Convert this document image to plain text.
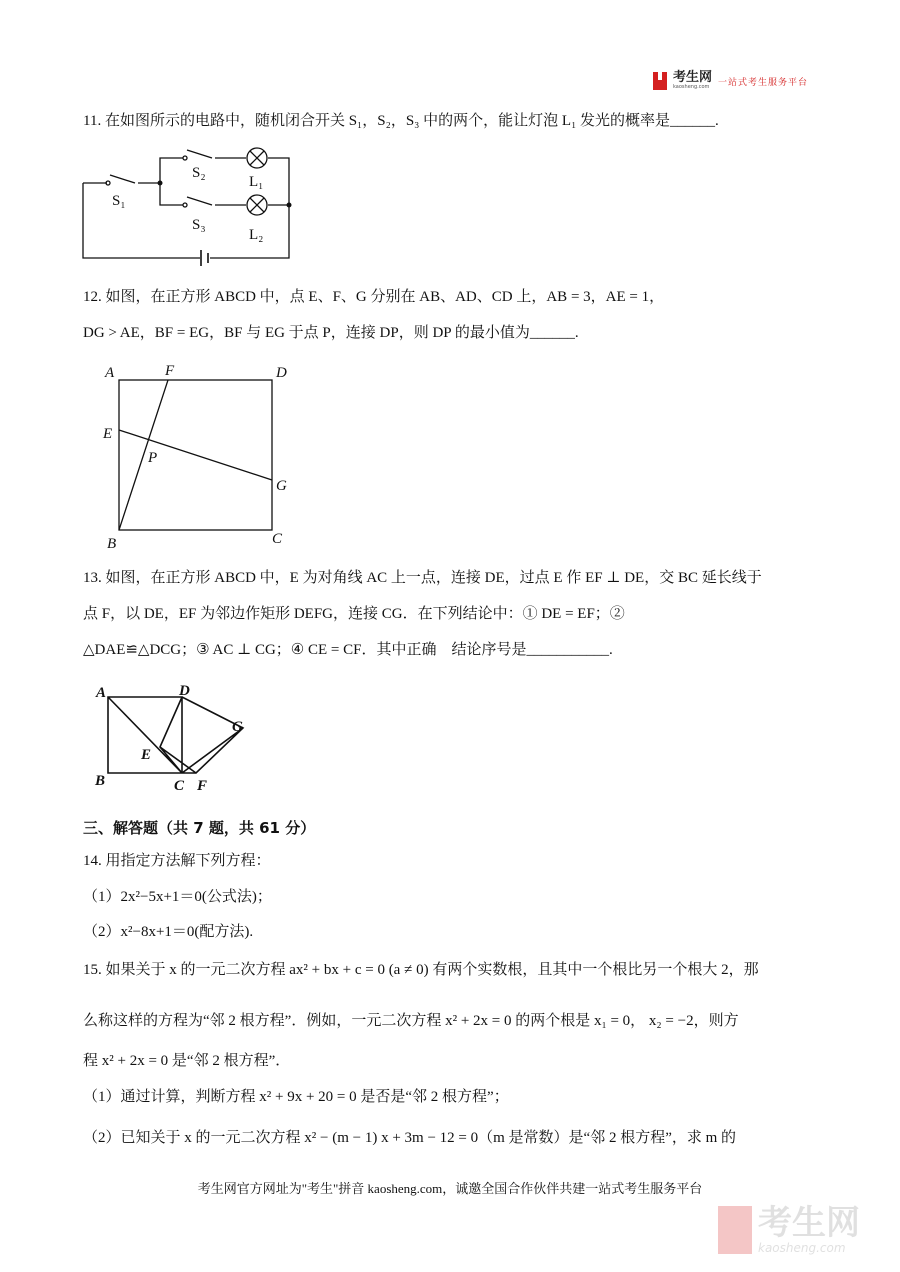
考生网
kaosheng.com 一站式考生服务平台
11. 在如图所示的电路中，随机闭合开关 S₁，S₂，S₃ 中的两个，能让灯泡 L₁ 发光的概率是______.
S₁
S₂
L₁
S₃
L₂
12. 如图，在正方形 ABCD 中，点 E、F、G 分别在 AB、AD、CD 上，AB = 3，AE = 1，
DG > AE，BF = EG，BF 与 EG 于点 P，连接 DP，则 DP 的最小值为______.
A	F	D
E
P
G
B	C
13. 如图，在正方形 ABCD 中，E 为对角线 AC 上一点，连接 DE，过点 E 作 EF ⊥ DE，交 BC 延长线于
点 F，以 DE，EF 为邻边作矩形 DEFG，连接 CG．在下列结论中：① DE = EF；②
△DAE≌△DCG；③ AC ⊥ CG；④ CE = CF．其中正确　结论序号是___________.
A	D
G
E
B	C F
三、解答题（共 7 题，共 61 分）
14. 用指定方法解下列方程：
（1）2x²−5x+1＝0(公式法)；
（2）x²−8x+1＝0(配方法).
15. 如果关于 x 的一元二次方程 ax² + bx + c = 0 (a ≠ 0) 有两个实数根，且其中一个根比另一个根大 2，那
么称这样的方程为“邻 2 根方程”．例如，一元二次方程 x² + 2x = 0 的两个根是 x₁ = 0， x₂ = −2，则方
程 x² + 2x = 0 是“邻 2 根方程”．
（1）通过计算，判断方程 x² + 9x + 20 = 0 是否是“邻 2 根方程”；
（2）已知关于 x 的一元二次方程 x² − (m − 1) x + 3m − 12 = 0（m 是常数）是“邻 2 根方程”，求 m 的
考生网官方网址为"考生"拼音 kaosheng.com，诚邀全国合作伙伴共建一站式考生服务平台
考生网
kaosheng.com
